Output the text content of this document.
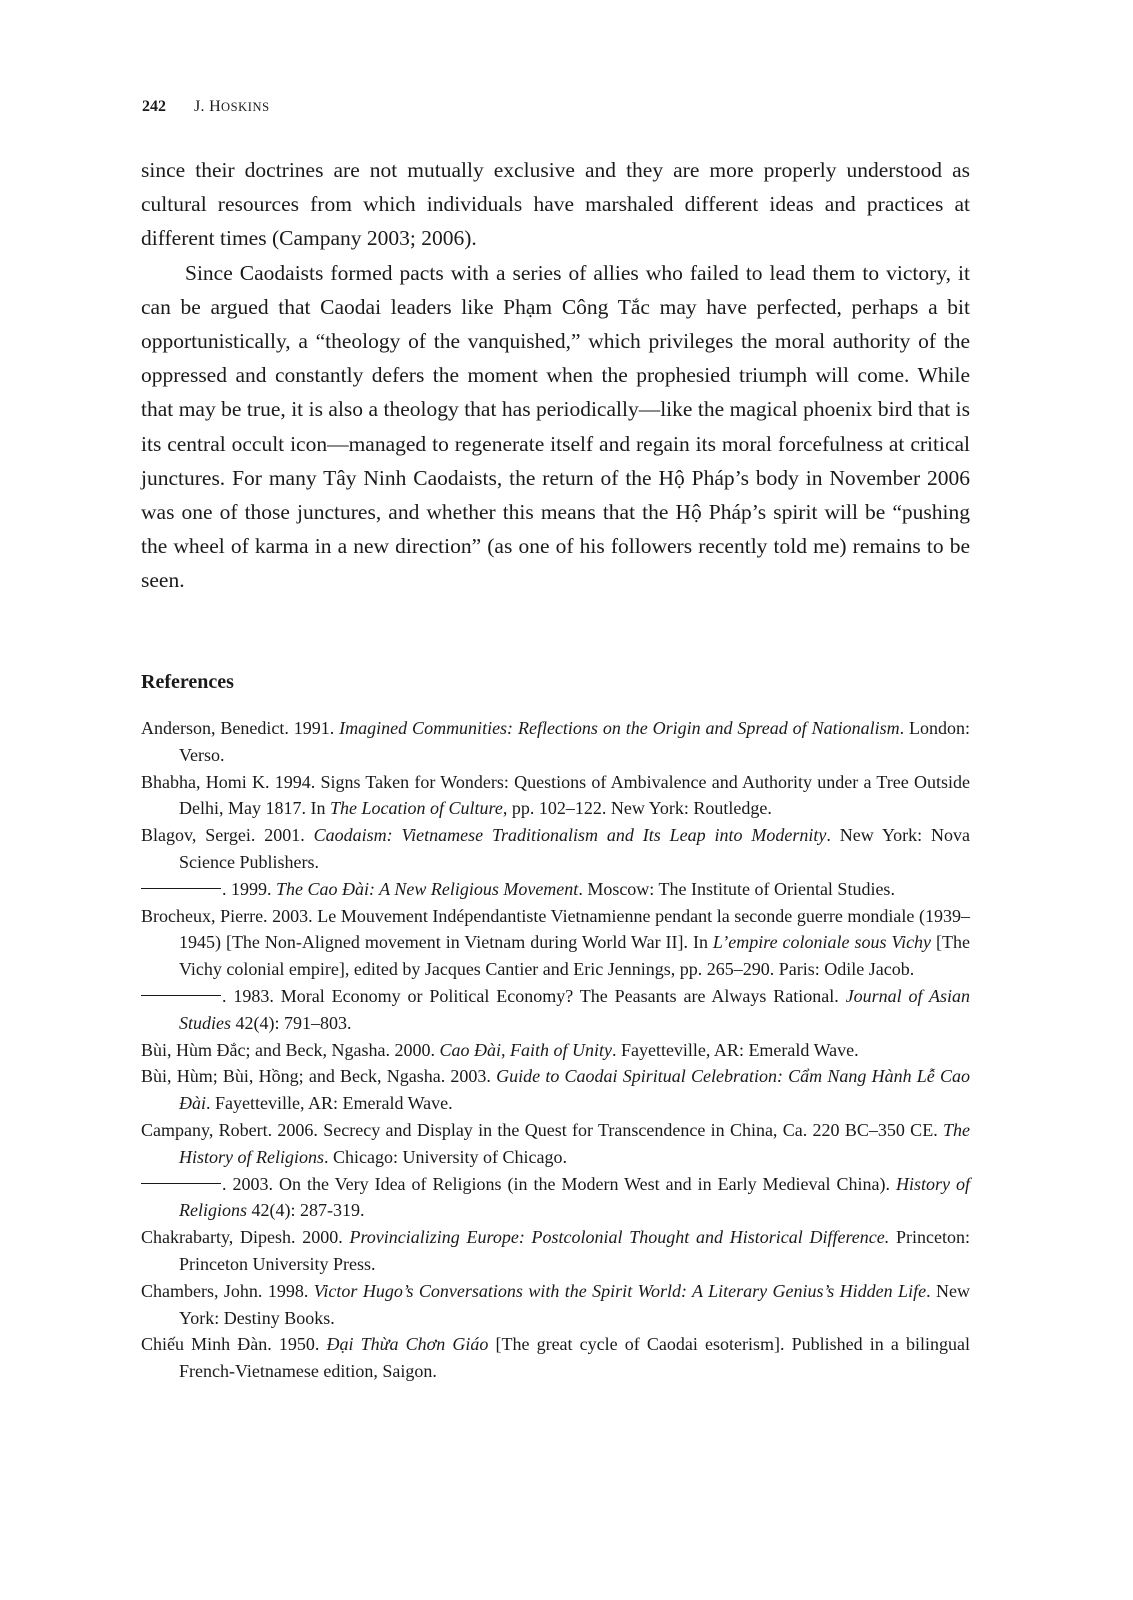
242 J. HOSKINS

since their doctrines are not mutually exclusive and they are more properly understood as cultural resources from which individuals have marshaled different ideas and practices at different times (Campany 2003; 2006).

Since Caodaists formed pacts with a series of allies who failed to lead them to victory, it can be argued that Caodai leaders like Phạm Công Tắc may have perfected, perhaps a bit opportunistically, a “theology of the vanquished,” which privileges the moral authority of the oppressed and constantly defers the moment when the prophesied triumph will come. While that may be true, it is also a theology that has periodically—like the magical phoenix bird that is its central occult icon—managed to regenerate itself and regain its moral forcefulness at critical junctures. For many Tây Ninh Caodaists, the return of the Hộ Pháp’s body in November 2006 was one of those junctures, and whether this means that the Hộ Pháp’s spirit will be “pushing the wheel of karma in a new direction” (as one of his followers recently told me) remains to be seen.

References
Anderson, Benedict. 1991. Imagined Communities: Reflections on the Origin and Spread of Nationalism. London: Verso.
Bhabha, Homi K. 1994. Signs Taken for Wonders: Questions of Ambivalence and Authority under a Tree Outside Delhi, May 1817. In The Location of Culture, pp. 102–122. New York: Routledge.
Blagov, Sergei. 2001. Caodaism: Vietnamese Traditionalism and Its Leap into Modernity. New York: Nova Science Publishers.
. 1999. The Cao Đài: A New Religious Movement. Moscow: The Institute of Oriental Studies.
Brocheux, Pierre. 2003. Le Mouvement Indépendantiste Vietnamienne pendant la seconde guerre mondiale (1939–1945) [The Non-Aligned movement in Vietnam during World War II]. In L’empire coloniale sous Vichy [The Vichy colonial empire], edited by Jacques Cantier and Eric Jennings, pp. 265–290. Paris: Odile Jacob.
. 1983. Moral Economy or Political Economy? The Peasants are Always Rational. Journal of Asian Studies 42(4): 791–803.
Bùi, Hùm Đắc; and Beck, Ngasha. 2000. Cao Đài, Faith of Unity. Fayetteville, AR: Emerald Wave.
Bùi, Hùm; Bùi, Hồng; and Beck, Ngasha. 2003. Guide to Caodai Spiritual Celebration: Cẩm Nang Hành Lễ Cao Đài. Fayetteville, AR: Emerald Wave.
Campany, Robert. 2006. Secrecy and Display in the Quest for Transcendence in China, Ca. 220 BC–350 CE. The History of Religions. Chicago: University of Chicago.
. 2003. On the Very Idea of Religions (in the Modern West and in Early Medieval China). History of Religions 42(4): 287-319.
Chakrabarty, Dipesh. 2000. Provincializing Europe: Postcolonial Thought and Historical Difference. Princeton: Princeton University Press.
Chambers, John. 1998. Victor Hugo’s Conversations with the Spirit World: A Literary Genius’s Hidden Life. New York: Destiny Books.
Chiếu Minh Đàn. 1950. Đại Thừa Chơn Giáo [The great cycle of Caodai esoterism]. Published in a bilingual French-Vietnamese edition, Saigon.
